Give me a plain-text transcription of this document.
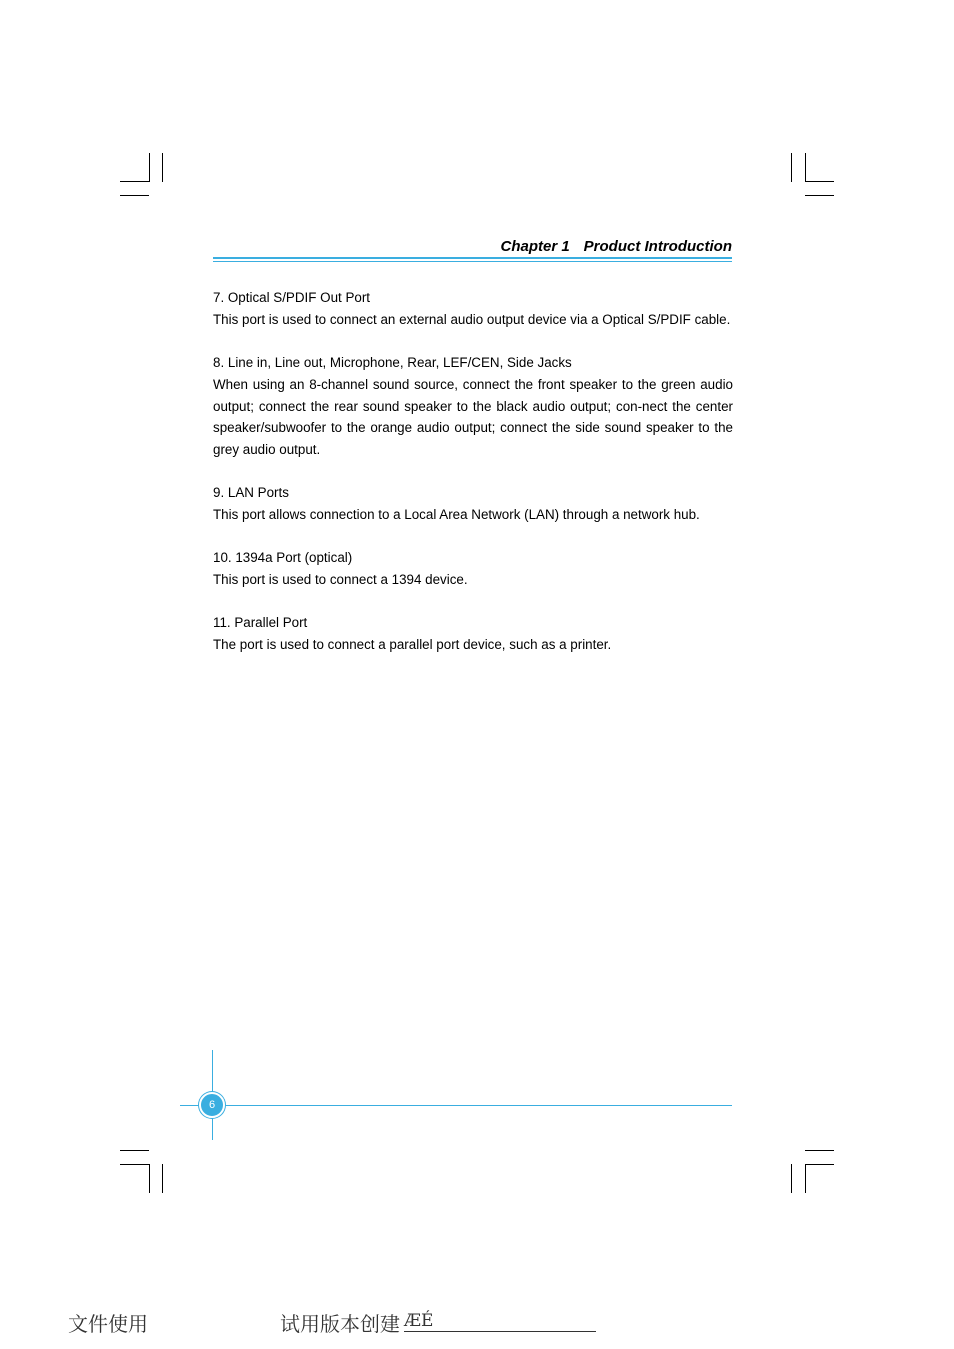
Chapter 1 Product Introduction

7. Optical S/PDIF Out Port

This port is used to connect an external audio output device via a Optical S/PDIF cable.

8. Line in, Line out, Microphone, Rear, LEF/CEN, Side Jacks

When using an 8-channel sound source, connect the front speaker to the green audio output; connect the rear sound speaker to the black audio output; con-nect the center speaker/subwoofer to the orange audio output; connect the side sound speaker to the grey audio output.

9. LAN Ports

This port allows connection to a Local Area Network (LAN) through a network hub.

10. 1394a Port (optical)

This port is used to connect a 1394 device.

11. Parallel Port

The port is used to connect a parallel port device, such as a printer.

6
文件使用	试用版本创建 ÆÉ
